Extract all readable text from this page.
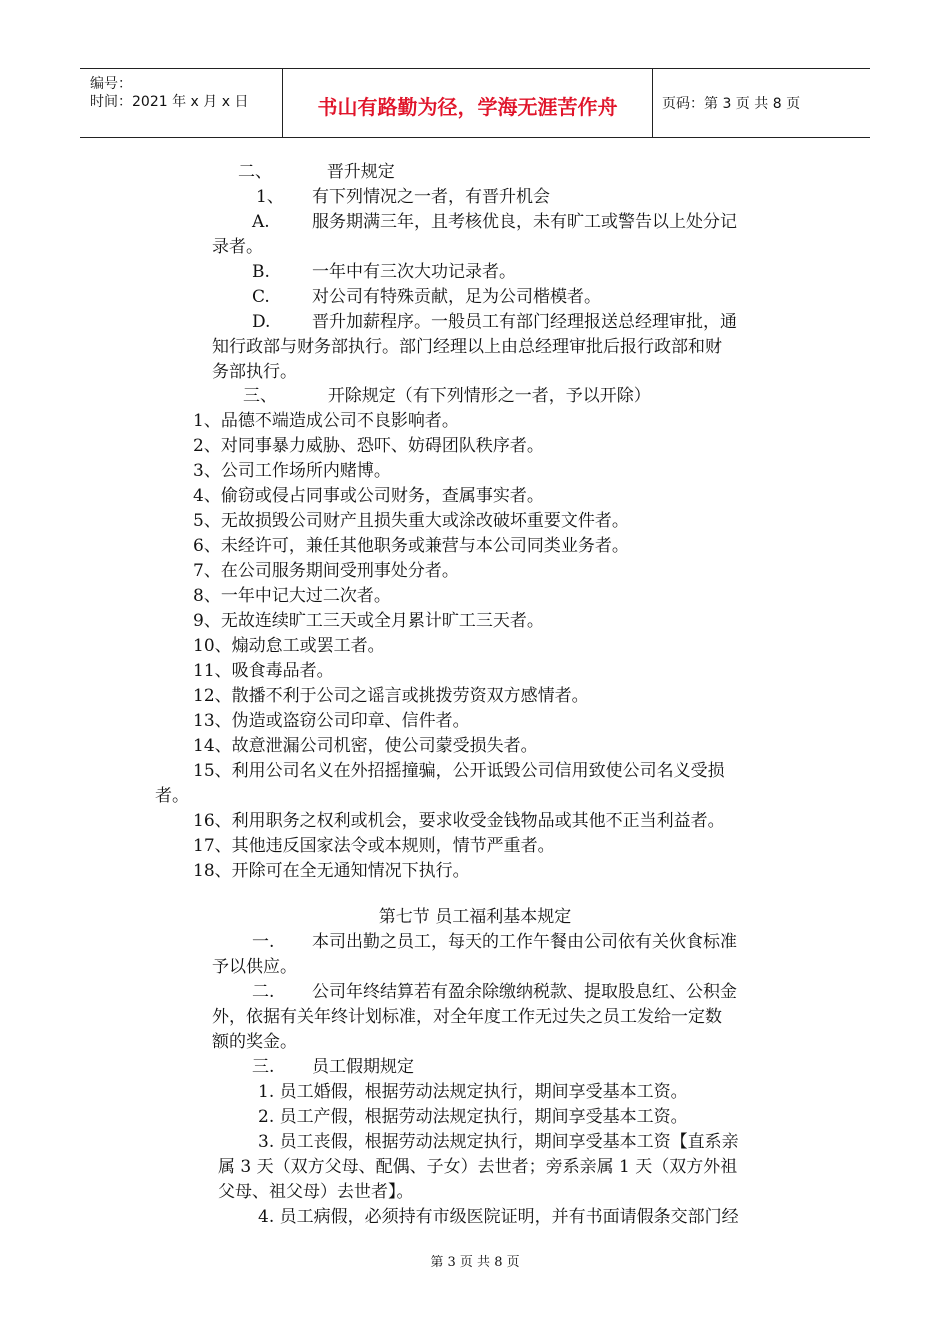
编号：
时间：2021 年 x 月 x 日	书山有路勤为径，学海无涯苦作舟	页码：第 3 页 共 8 页
二、	晋升规定
1、 有下列情况之一者，有晋升机会
A. 服务期满三年，且考核优良，未有旷工或警告以上处分记
录者。
B. 一年中有三次大功记录者。
C. 对公司有特殊贡献，足为公司楷模者。
D. 晋升加薪程序。一般员工有部门经理报送总经理审批，通
知行政部与财务部执行。部门经理以上由总经理审批后报行政部和财
务部执行。
三、	开除规定（有下列情形之一者，予以开除）
1、品德不端造成公司不良影响者。
2、对同事暴力威胁、恐吓、妨碍团队秩序者。
3、公司工作场所内赌博。
4、偷窃或侵占同事或公司财务，查属事实者。
5、无故损毁公司财产且损失重大或涂改破坏重要文件者。
6、未经许可，兼任其他职务或兼营与本公司同类业务者。
7、在公司服务期间受刑事处分者。
8、一年中记大过二次者。
9、无故连续旷工三天或全月累计旷工三天者。
10、煽动怠工或罢工者。
11、吸食毒品者。
12、散播不利于公司之谣言或挑拨劳资双方感情者。
13、伪造或盗窃公司印章、信件者。
14、故意泄漏公司机密，使公司蒙受损失者。
15、利用公司名义在外招摇撞骗，公开诋毁公司信用致使公司名义受损
者。
16、利用职务之权利或机会，要求收受金钱物品或其他不正当利益者。
17、其他违反国家法令或本规则，情节严重者。
18、开除可在全无通知情况下执行。
第七节 员工福利基本规定
一. 本司出勤之员工，每天的工作午餐由公司依有关伙食标准
予以供应。
二. 公司年终结算若有盈余除缴纳税款、提取股息红、公积金
外，依据有关年终计划标准，对全年度工作无过失之员工发给一定数
额的奖金。
三. 员工假期规定
1. 员工婚假，根据劳动法规定执行，期间享受基本工资。
2. 员工产假，根据劳动法规定执行，期间享受基本工资。
3. 员工丧假，根据劳动法规定执行，期间享受基本工资【直系亲
属 3 天（双方父母、配偶、子女）去世者；旁系亲属 1 天（双方外祖
父母、祖父母）去世者】。
4. 员工病假，必须持有市级医院证明，并有书面请假条交部门经
第 3 页 共 8 页
